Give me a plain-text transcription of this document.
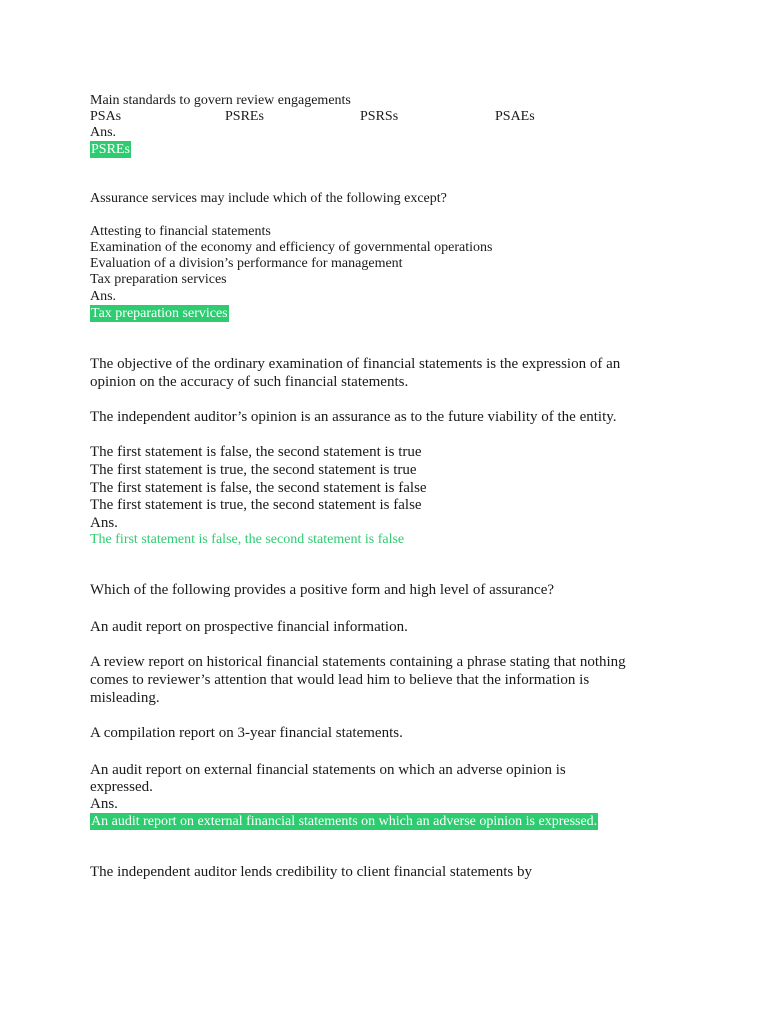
Main standards to govern review engagements
PSAs	PSREs	PSRSs	PSAEs
Ans.
PSREs
Assurance services may include which of the following except?
Attesting to financial statements
Examination of the economy and efficiency of governmental operations
Evaluation of a division’s performance for management
Tax preparation services
Ans.
Tax preparation services
The objective of the ordinary examination of financial statements is the expression of an
opinion on the accuracy of such financial statements.
The independent auditor’s opinion is an assurance as to the future viability of the entity.
The first statement is false, the second statement is true
The first statement is true, the second statement is true
The first statement is false, the second statement is false
The first statement is true, the second statement is false
Ans.
The first statement is false, the second statement is false
Which of the following provides a positive form and high level of assurance?
An audit report on prospective financial information.
A review report on historical financial statements containing a phrase stating that nothing
comes to reviewer’s attention that would lead him to believe that the information is
misleading.
A compilation report on 3-year financial statements.
An audit report on external financial statements on which an adverse opinion is
expressed.
Ans.
An audit report on external financial statements on which an adverse opinion is expressed.
The independent auditor lends credibility to client financial statements by
